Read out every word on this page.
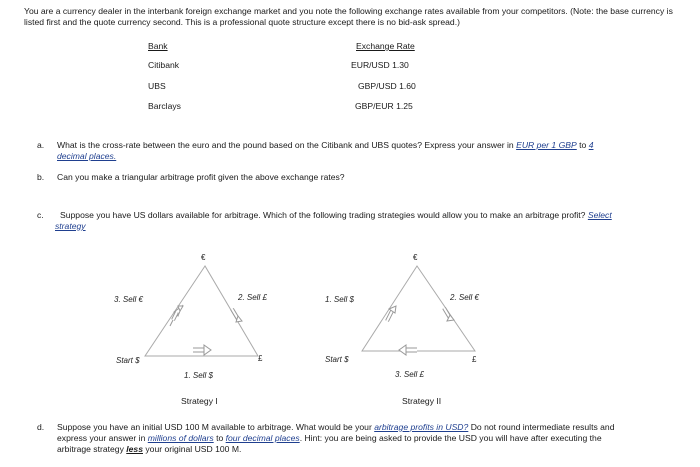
You are a currency dealer in the interbank foreign exchange market and you note the following exchange rates available from your competitors. (Note: the base currency is listed first and the quote currency second. This is a professional quote structure except there is no bid-ask spread.)
Bank	Exchange Rate
Citibank	EUR/USD 1.30
UBS	GBP/USD 1.60
Barclays	GBP/EUR 1.25
a. What is the cross-rate between the euro and the pound based on the Citibank and UBS quotes? Express your answer in EUR per 1 GBP to 4
decimal places.
b. Can you make a triangular arbitrage profit given the above exchange rates?
c. Suppose you have US dollars available for arbitrage. Which of the following trading strategies would allow you to make an arbitrage profit? Select
strategy
€
£
Start $
3. Sell €	2. Sell £
1. Sell $
€
£
Start $
1. Sell $	2. Sell €
3. Sell £
Strategy I	Strategy II
d. Suppose you have an initial USD 100 M available to arbitrage. What would be your arbitrage profits in USD? Do not round intermediate results and
express your answer in millions of dollars to four decimal places. Hint: you are being asked to provide the USD you will have after executing the
arbitrage strategy less your original USD 100 M.
